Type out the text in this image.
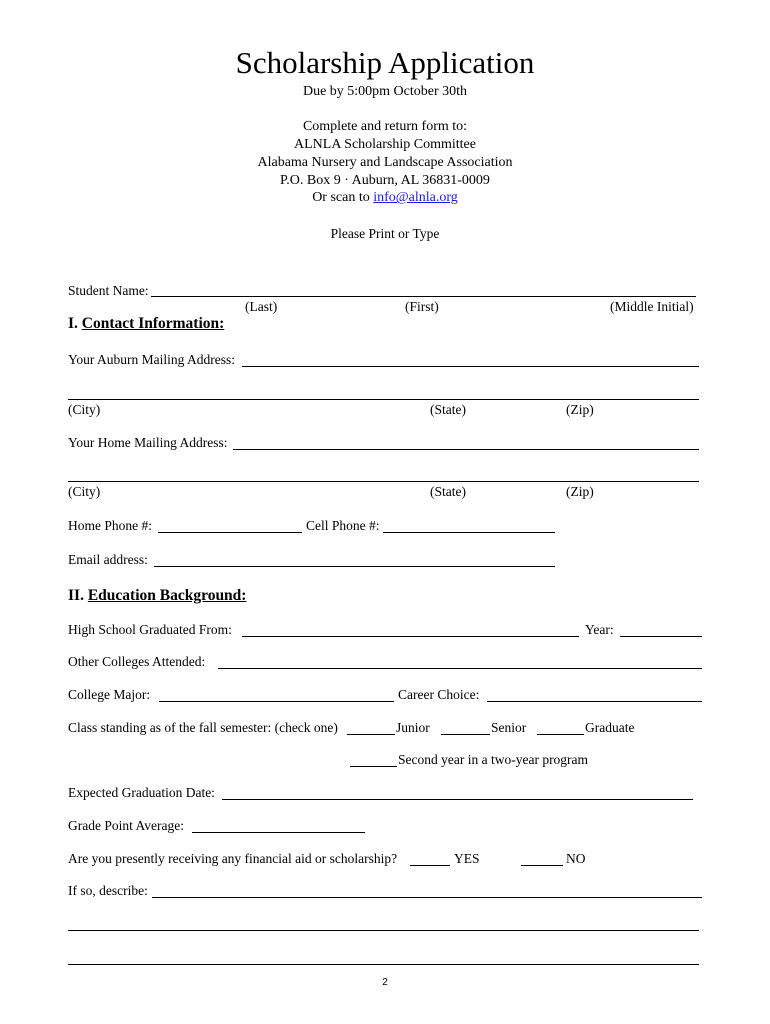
Scholarship Application
Due by 5:00pm October 30th
Complete and return form to:
ALNLA Scholarship Committee
Alabama Nursery and Landscape Association
P.O. Box 9 · Auburn, AL 36831-0009
Or scan to info@alnla.org
Please Print or Type
Student Name:
(Last)	(First)	(Middle Initial)
I. Contact Information:
Your Auburn Mailing Address:
(City)	(State)	(Zip)
Your Home Mailing Address:
(City)	(State)	(Zip)
Home Phone #:	Cell Phone #:
Email address:
II. Education Background:
High School Graduated From:	Year:
Other Colleges Attended:
College Major:	Career Choice:
Class standing as of the fall semester: (check one)	Junior	Senior	Graduate
Second year in a two-year program
Expected Graduation Date:
Grade Point Average:
Are you presently receiving any financial aid or scholarship?	YES	NO
If so, describe:
2
